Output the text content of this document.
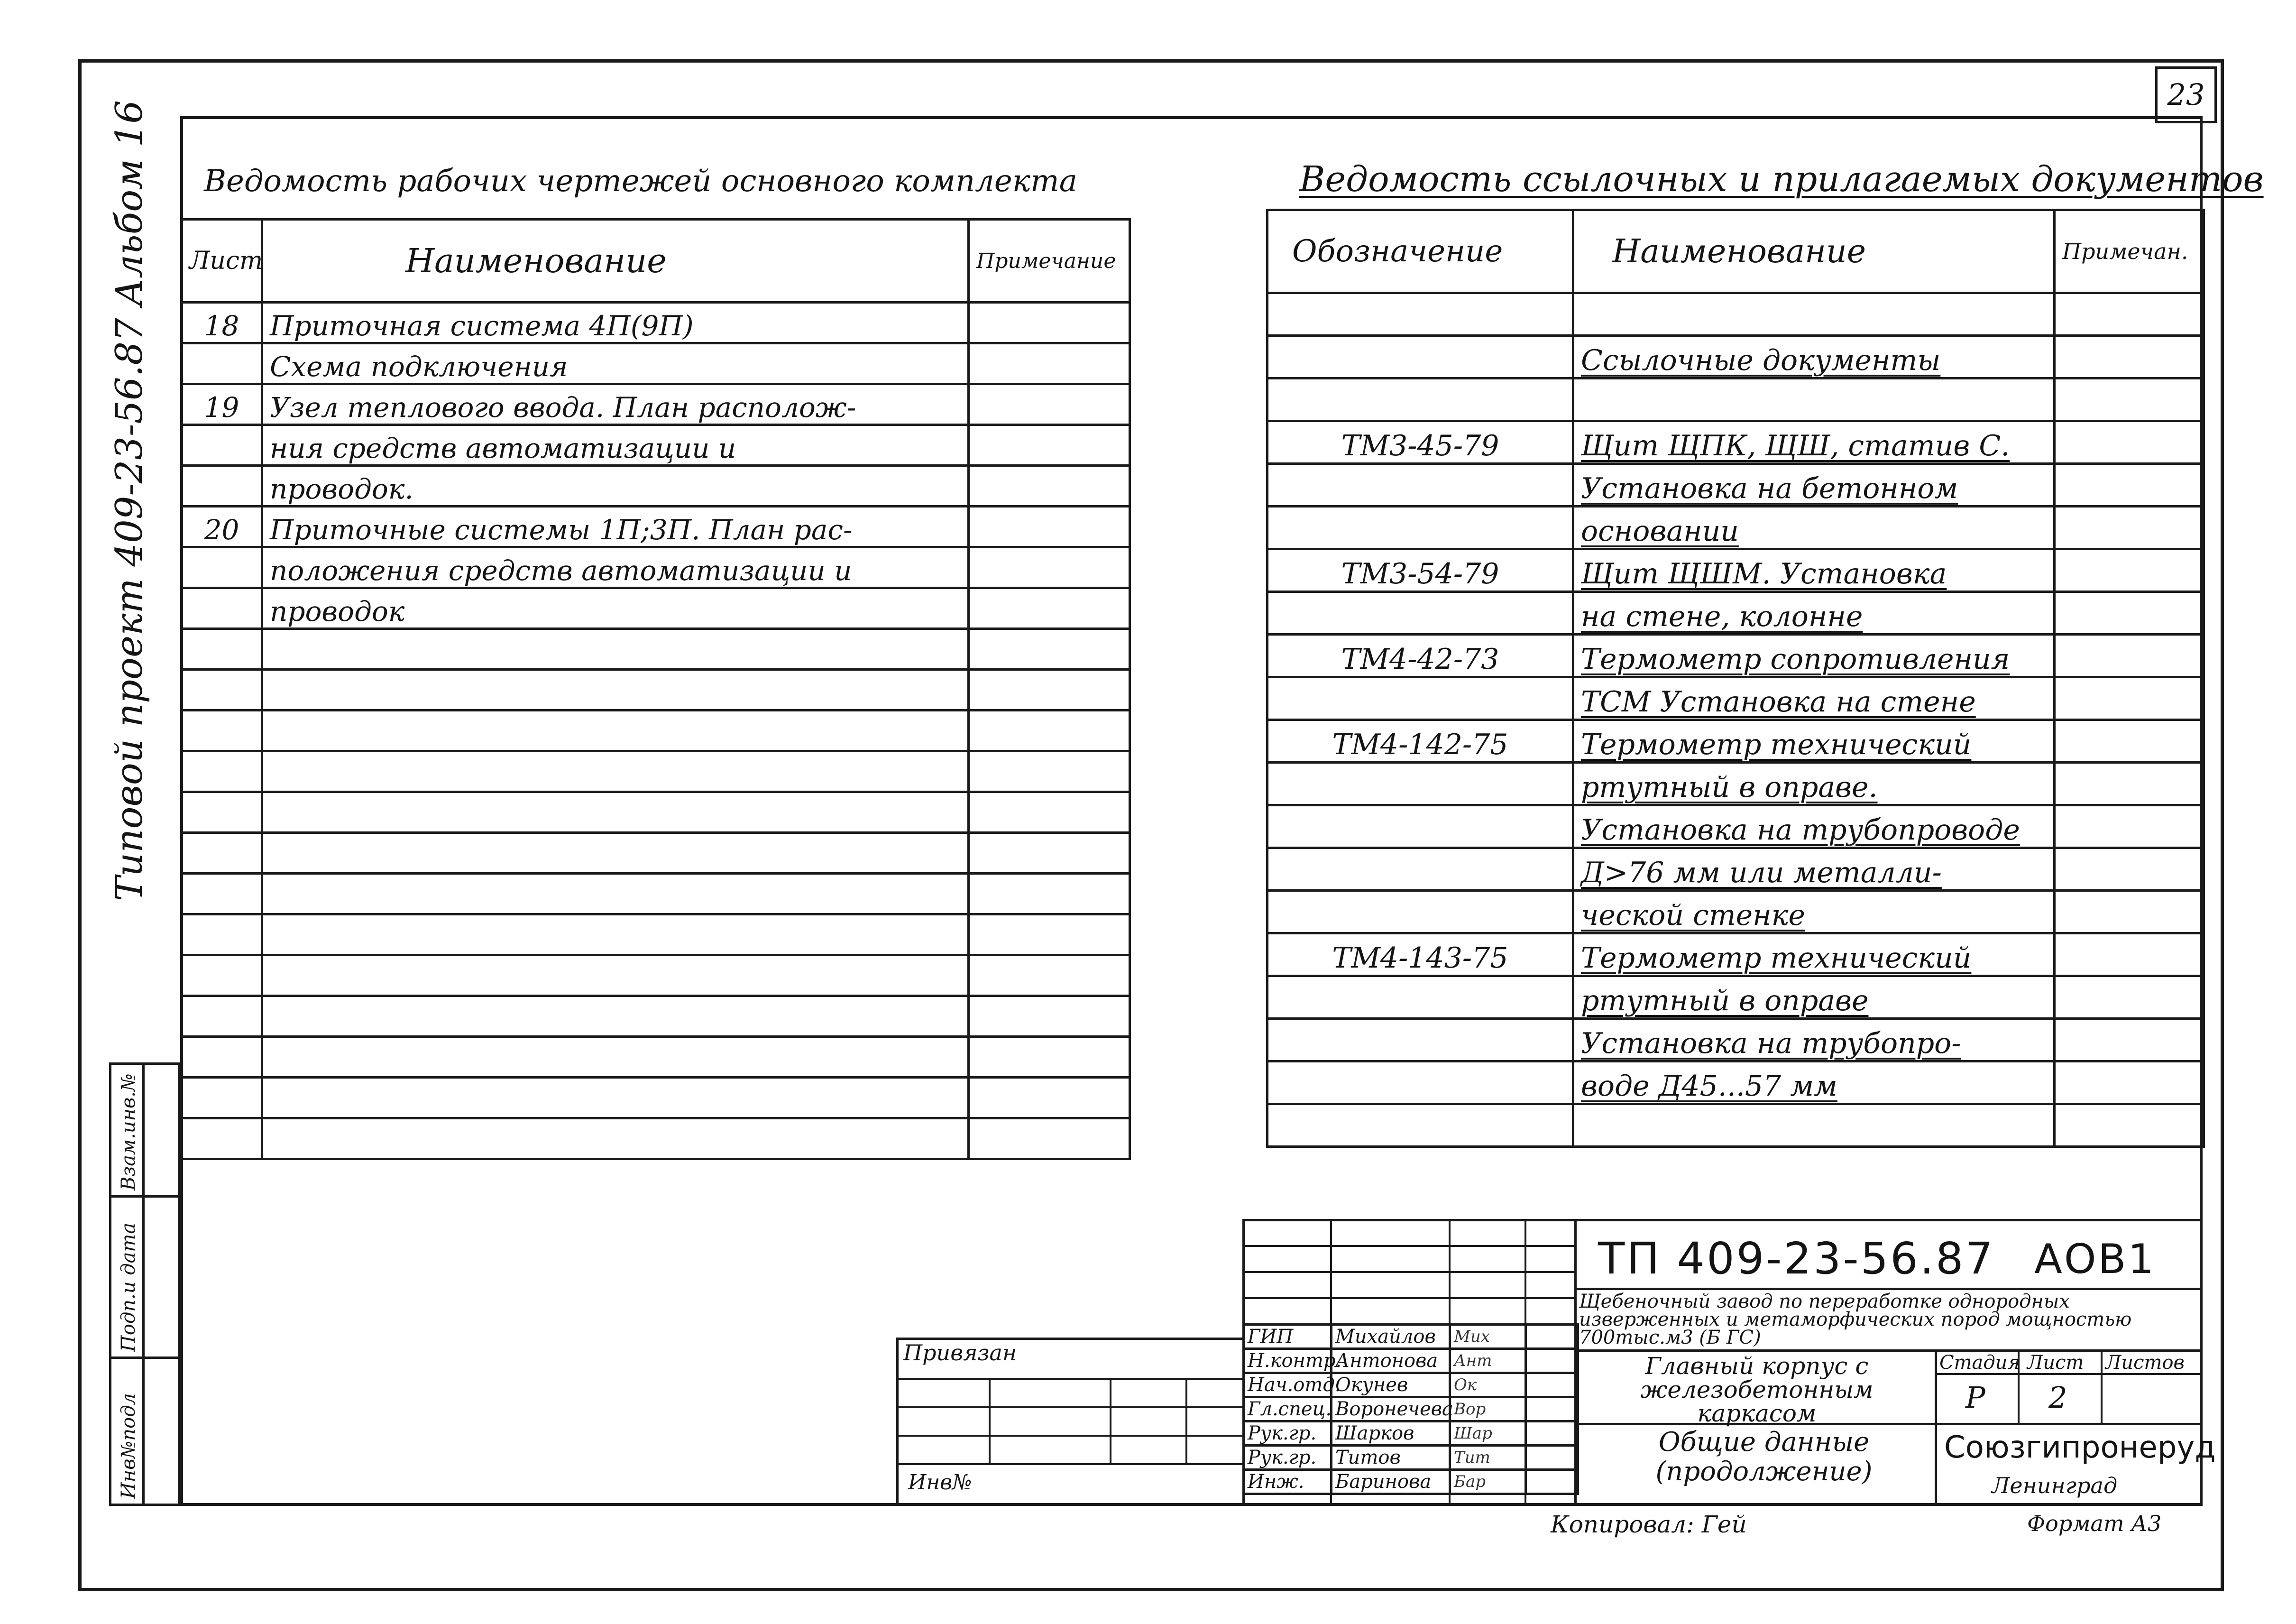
23
Типовой проект 409-23-56.87 Альбом 16
Инв№подл
Подп.и дата
Взам.инв.№
Ведомость рабочих чертежей основного комплекта
Лист	Наименование	Примечание
18	Приточная система 4П(9П)	
	Схема подключения	
19	Узел теплового ввода. План располож-	
	ния средств автоматизации и	
	проводок.	
20	Приточные системы 1П;3П. План рас-	
	положения средств автоматизации и	
	проводок	

Ведомость ссылочных и прилагаемых документов
Обозначение	Наименование	Примечан.

	Ссылочные документы	

ТМ3-45-79	Щит ЩПК, ЩШ, статив С.	
	Установка на бетонном	
	основании	
ТМ3-54-79	Щит ЩШМ. Установка	
	на стене, колонне	
ТМ4-42-73	Термометр сопротивления	
	ТСМ Установка на стене	
ТМ4-142-75	Термометр технический	
	ртутный в оправе.	
	Установка на трубопроводе	
	Д>76 мм или металли-	
	ческой стенке	
ТМ4-143-75	Термометр технический	
	ртутный в оправе	
	Установка на трубопро-	
	воде Д45...57 мм	

Привязан
Инв№
ГИП	Михайлов	Мих	
Н.контр.	Антонова	Ант	
Нач.отд.	Окунев	Ок	
Гл.спец.	Воронечева	Вор	
Рук.гр.	Шарков	Шар	
Рук.гр.	Титов	Тит	
Инж.	Баринова	Бар	
ТП 409-23-56.87 АОВ1
Щебеночный завод по переработке однородных изверженных и метаморфических пород мощностью 700тыс.м3 (Б ГС)
Главный корпус с железобетонным каркасом
Стадия Лист Листов
Р 2
Общие данные (продолжение)
Союзгипронеруд
Ленинград
Копировал: Гей	Формат А3
